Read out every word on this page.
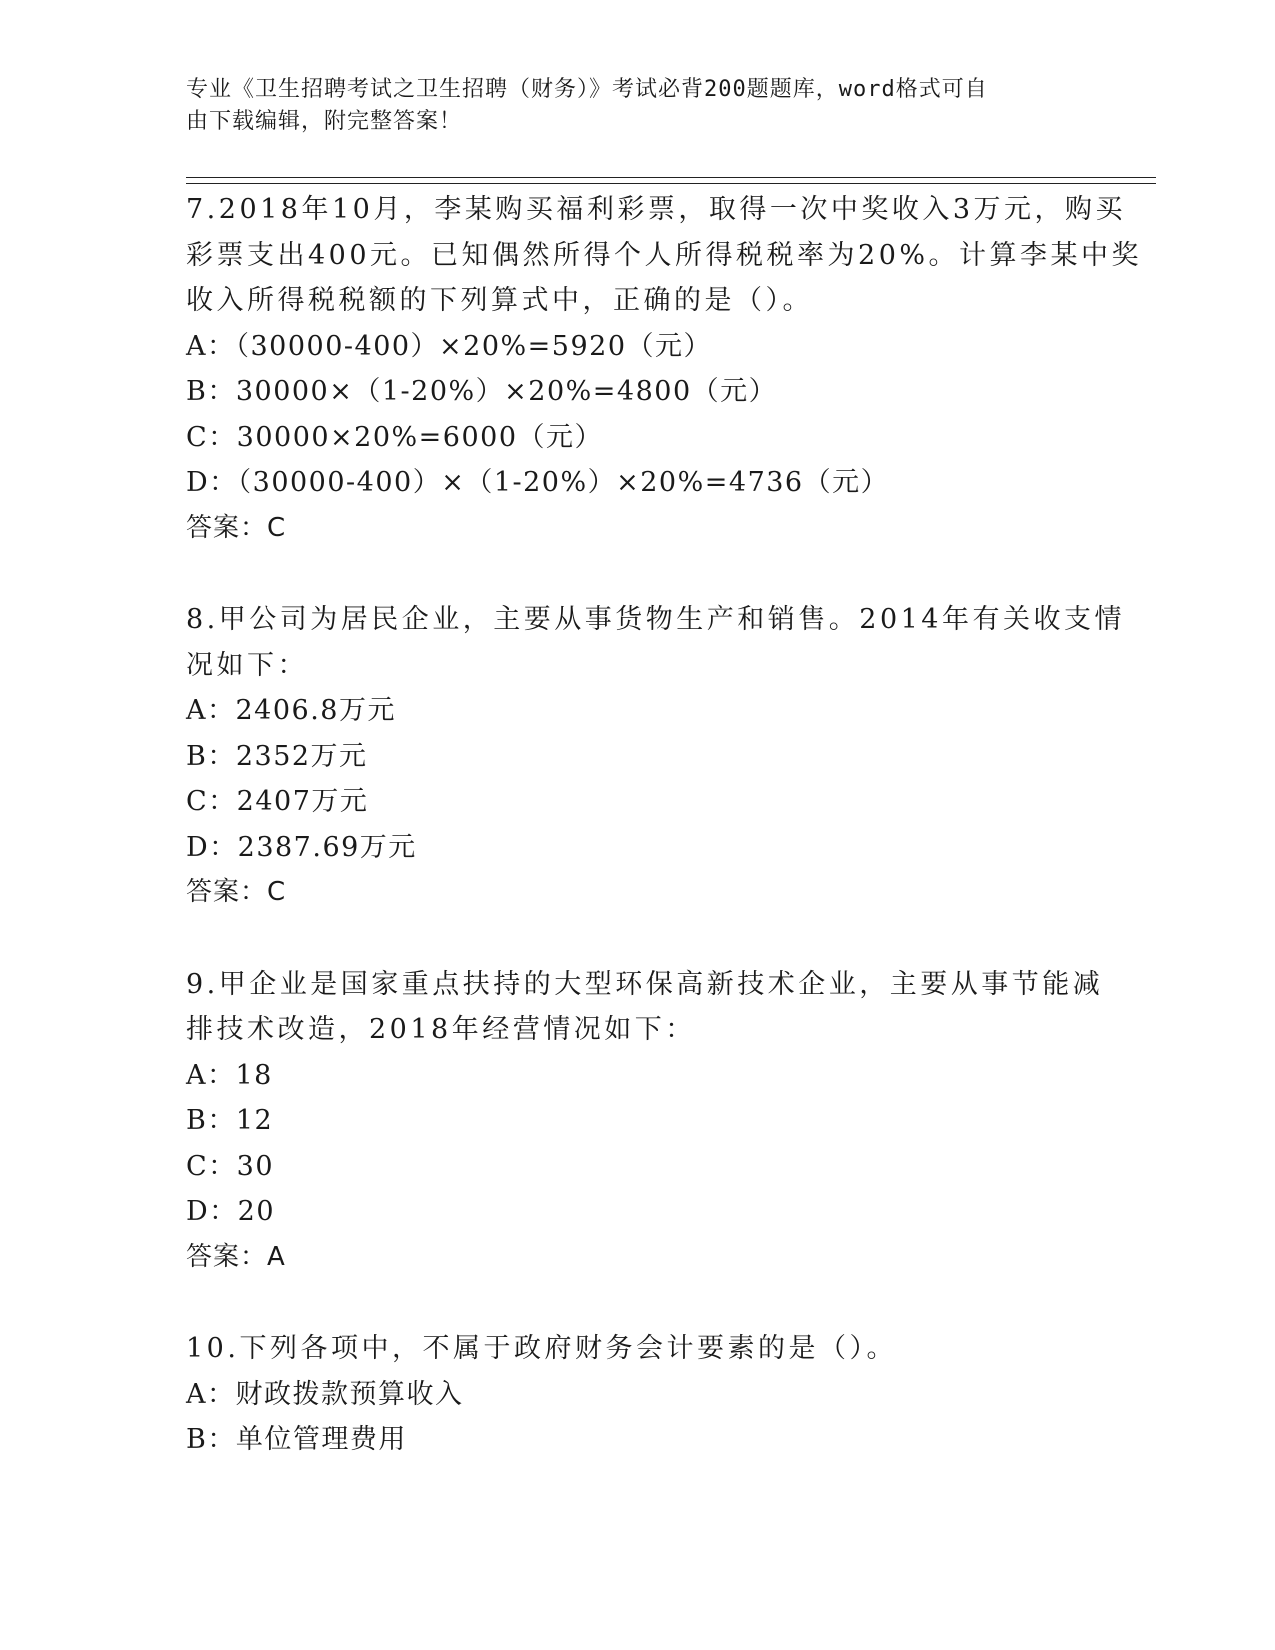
专业《卫生招聘考试之卫生招聘（财务）》考试必背200题题库，word格式可自
由下载编辑，附完整答案！
7.2018年10月，李某购买福利彩票，取得一次中奖收入3万元，购买
彩票支出400元。已知偶然所得个人所得税税率为20%。计算李某中奖
收入所得税税额的下列算式中，正确的是（）。
A：（30000-400）×20%=5920（元）
B：30000×（1-20%）×20%=4800（元）
C：30000×20%=6000（元）
D：（30000-400）×（1-20%）×20%=4736（元）
答案：C
8.甲公司为居民企业，主要从事货物生产和销售。2014年有关收支情
况如下：
A：2406.8万元
B：2352万元
C：2407万元
D：2387.69万元
答案：C
9.甲企业是国家重点扶持的大型环保高新技术企业，主要从事节能减
排技术改造，2018年经营情况如下：
A：18
B：12
C：30
D：20
答案：A
10.下列各项中，不属于政府财务会计要素的是（）。
A：财政拨款预算收入
B：单位管理费用
